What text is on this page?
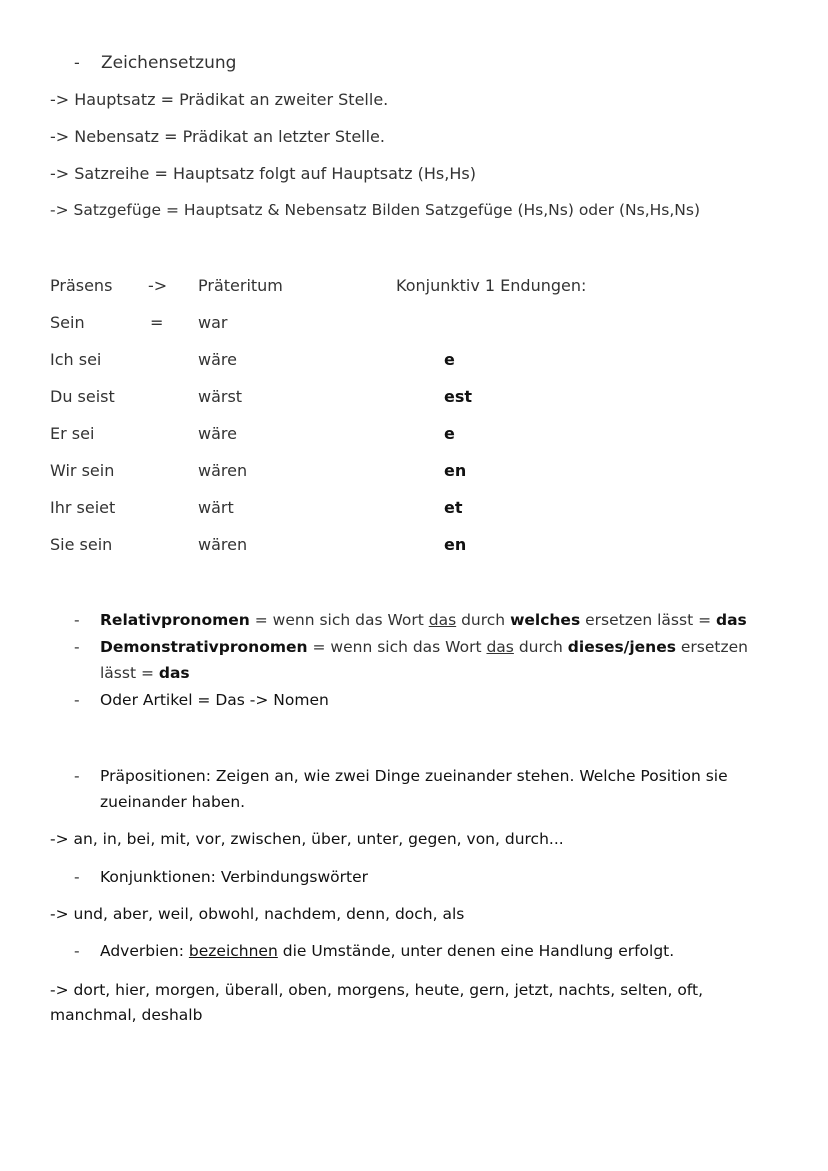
- Zeichensetzung
-> Hauptsatz = Prädikat an zweiter Stelle.
-> Nebensatz = Prädikat an letzter Stelle.
-> Satzreihe = Hauptsatz folgt auf Hauptsatz (Hs,Hs)
-> Satzgefüge = Hauptsatz & Nebensatz Bilden Satzgefüge (Hs,Ns) oder (Ns,Hs,Ns)
Präsens -> Präteritum	Konjunktiv 1 Endungen:
Sein	= war
Ich sei	wäre	e
Du seist	wärst	est
Er sei	wäre	e
Wir sein	wären	en
Ihr seiet	wärt	et
Sie sein	wären	en
- Relativpronomen = wenn sich das Wort das durch welches ersetzen lässt = das
- Demonstrativpronomen = wenn sich das Wort das durch dieses/jenes ersetzen
lässt = das
- Oder Artikel = Das -> Nomen
- Präpositionen: Zeigen an, wie zwei Dinge zueinander stehen. Welche Position sie
zueinander haben.
-> an, in, bei, mit, vor, zwischen, über, unter, gegen, von, durch...
- Konjunktionen: Verbindungswörter
-> und, aber, weil, obwohl, nachdem, denn, doch, als
- Adverbien: bezeichnen die Umstände, unter denen eine Handlung erfolgt.
-> dort, hier, morgen, überall, oben, morgens, heute, gern, jetzt, nachts, selten, oft,
manchmal, deshalb
